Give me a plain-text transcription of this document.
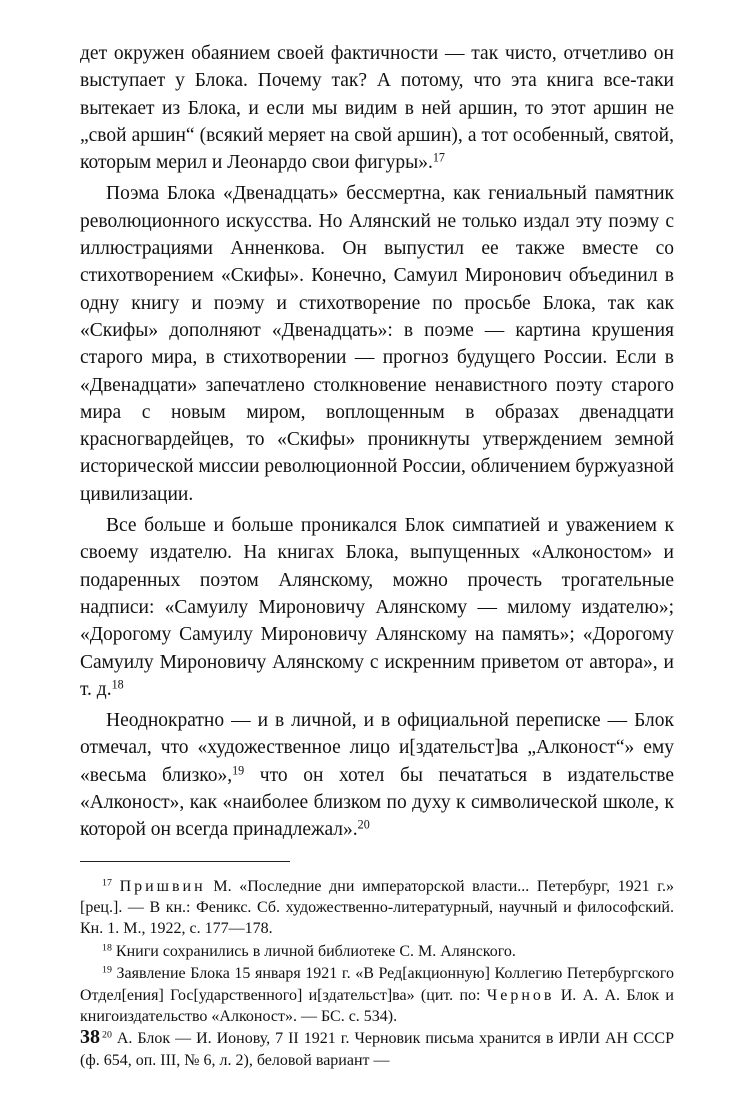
дет окружен обаянием своей фактичности — так чисто, отчетливо он выступает у Блока. Почему так? А потому, что эта книга все-таки вытекает из Блока, и если мы видим в ней аршин, то этот аршин не „свой аршин“ (всякий меряет на свой аршин), а тот особенный, святой, которым мерил и Леонардо свои фигуры».$^{17}$

Поэма Блока «Двенадцать» бессмертна, как гениальный памятник революционного искусства. Но Алянский не только издал эту поэму с иллюстрациями Анненкова. Он выпустил ее также вместе со стихотворением «Скифы». Конечно, Самуил Миронович объединил в одну книгу и поэму и стихотворение по просьбе Блока, так как «Скифы» дополняют «Двенадцать»: в поэме — картина крушения старого мира, в стихотворении — прогноз будущего России. Если в «Двенадцати» запечатлено столкновение ненавистного поэту старого мира с новым миром, воплощенным в образах двенадцати красногвардейцев, то «Скифы» проникнуты утверждением земной исторической миссии революционной России, обличением буржуазной цивилизации.

Все больше и больше проникался Блок симпатией и уважением к своему издателю. На книгах Блока, выпущенных «Алконостом» и подаренных поэтом Алянскому, можно прочесть трогательные надписи: «Самуилу Мироновичу Алянскому — милому издателю»; «Дорогому Самуилу Мироновичу Алянскому на память»; «Дорогому Самуилу Мироновичу Алянскому с искренним приветом от автора», и т. д.$^{18}$

Неоднократно — и в личной, и в официальной переписке — Блок отмечал, что «художественное лицо и[здательст]ва „Алконост“» ему «весьма близко»,$^{19}$ что он хотел бы печататься в издательстве «Алконост», как «наиболее близком по духу к символической школе, к которой он всегда принадлежал».$^{20}$

$^{17}$ Пришвин М. «Последние дни императорской власти... Петербург, 1921 г.» [рец.]. — В кн.: Феникс. Сб. художественно-литературный, научный и философский. Кн. 1. М., 1922, с. 177—178.

$^{18}$ Книги сохранились в личной библиотеке С. М. Алянского.

$^{19}$ Заявление Блока 15 января 1921 г. «В Ред[акционную] Коллегию Петербургского Отдел[ения] Гос[ударственного] и[здательст]ва» (цит. по: Чернов И. А. А. Блок и книгоиздательство «Алконост». — БС. с. 534).

$^{20}$ А. Блок — И. Ионову, 7 II 1921 г. Черновик письма хранится в ИРЛИ АН СССР (ф. 654, оп. III, № 6, л. 2), беловой вариант —

38
